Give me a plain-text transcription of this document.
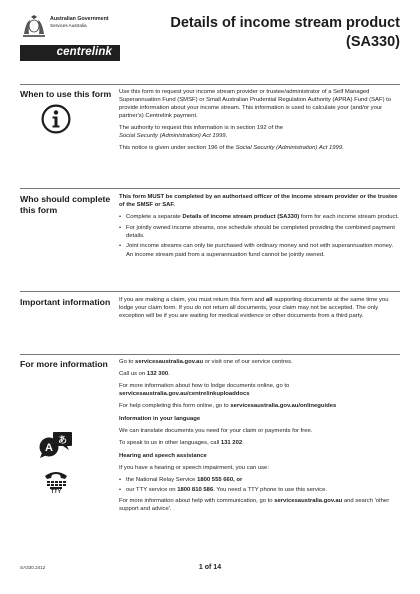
Australian Government
Services Australia
centrelink
Details of income stream product
(SA330)
When to use this form Use this form to request your income stream provider or trustee/administrator of a Self Managed Superannuation Fund (SMSF) or Small Australian Prudential Regulation Authority (APRA) Fund (SAF) to provide information about your income stream. This information is used to calculate your (and/or your partner's) Centrelink payment.

The authority to request this information is in section 192 of the
Social Security (Administration) Act 1999.

This notice is given under section 196 of the Social Security (Administration) Act 1999.

Who should complete this form

This form MUST be completed by an authorised officer of the income stream provider or the trustee of the SMSF or SAF.

• Complete a separate Details of income stream product (SA330) form for each income stream product.
• For jointly owned income streams, one schedule should be completed providing the combined payment details.
• Joint income streams can only be purchased with ordinary money and not with superannuation money. An income stream paid from a superannuation fund cannot be jointly owned.
Important information If you are making a claim, you must return this form and all supporting documents at the same time you lodge your claim form. If you do not return all documents, your claim may not be accepted. The only exception will be if you are waiting for medical evidence or other documents from a third party.

For more information	Go to servicesaustralia.gov.au or visit one of our service centres.

Call us on 132 300.

For more information about how to lodge documents online, go to
servicesaustralia.gov.au/centrelinkuploaddocs

For help completing this form online, go to servicesaustralia.gov.au/onlineguides

Information in your language

We can translate documents you need for your claim or payments for free.

To speak to us in other languages, call 131 202.

Hearing and speech assistance

If you have a hearing or speech impairment, you can use:

• the National Relay Service 1800 555 660, or
• our TTY service on 1800 810 586. You need a TTY phone to use this service.

For more information about help with communication, go to servicesaustralia.gov.au and search 'other support and advice'.

あ
A
TTY
SA330.2412	1 of 14
